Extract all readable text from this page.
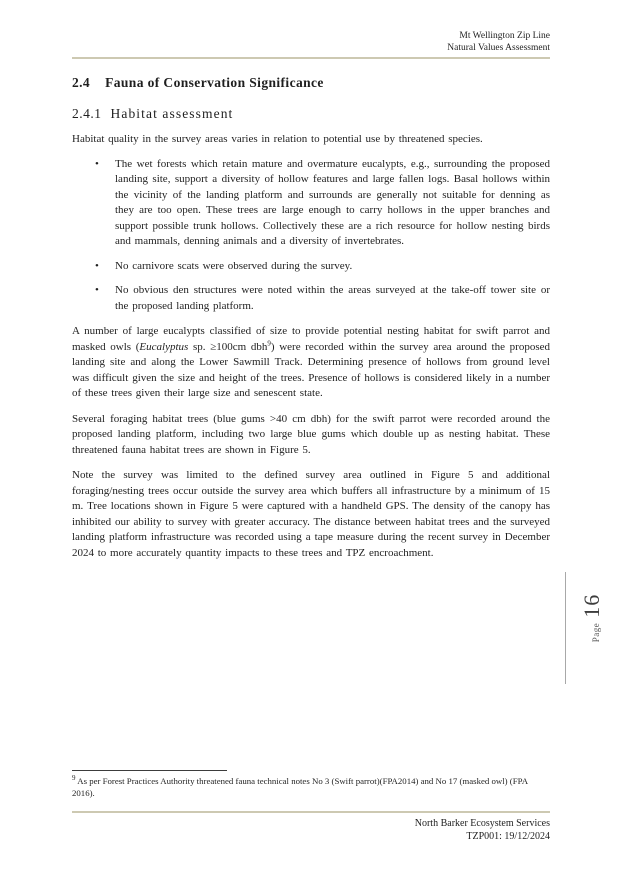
Mt Wellington Zip Line
Natural Values Assessment
2.4 Fauna of Conservation Significance
2.4.1 Habitat assessment

Habitat quality in the survey areas varies in relation to potential use by threatened species.

• The wet forests which retain mature and overmature eucalypts, e.g., surrounding the proposed landing site, support a diversity of hollow features and large fallen logs. Basal hollows within the vicinity of the landing platform and surrounds are generally not suitable for denning as they are too open. These trees are large enough to carry hollows in the upper branches and support possible trunk hollows. Collectively these are a rich resource for hollow nesting birds and mammals, denning animals and a diversity of invertebrates.
• No carnivore scats were observed during the survey.
• No obvious den structures were noted within the areas surveyed at the take-off tower site or the proposed landing platform.

A number of large eucalypts classified of size to provide potential nesting habitat for swift parrot and masked owls (Eucalyptus sp. ≥100cm dbh$^9$) were recorded within the survey area around the proposed landing site and along the Lower Sawmill Track. Determining presence of hollows from ground level was difficult given the size and height of the trees. Presence of hollows is considered likely in a number of these trees given their large size and senescent state.

Several foraging habitat trees (blue gums >40 cm dbh) for the swift parrot were recorded around the proposed landing platform, including two large blue gums which double up as nesting habitat. These threatened fauna habitat trees are shown in Figure 5.

Note the survey was limited to the defined survey area outlined in Figure 5 and additional foraging/nesting trees occur outside the survey area which buffers all infrastructure by a minimum of 15 m. Tree locations shown in Figure 5 were captured with a handheld GPS. The density of the canopy has inhibited our ability to survey with greater accuracy. The distance between habitat trees and the surveyed landing platform infrastructure was recorded using a tape measure during the recent survey in December 2024 to more accurately quantity impacts to these trees and TPZ encroachment.

Page
16

$^9$ As per Forest Practices Authority threatened fauna technical notes No 3 (Swift parrot)(FPA2014) and No 17 (masked owl) (FPA 2016).

North Barker Ecosystem Services
TZP001: 19/12/2024
